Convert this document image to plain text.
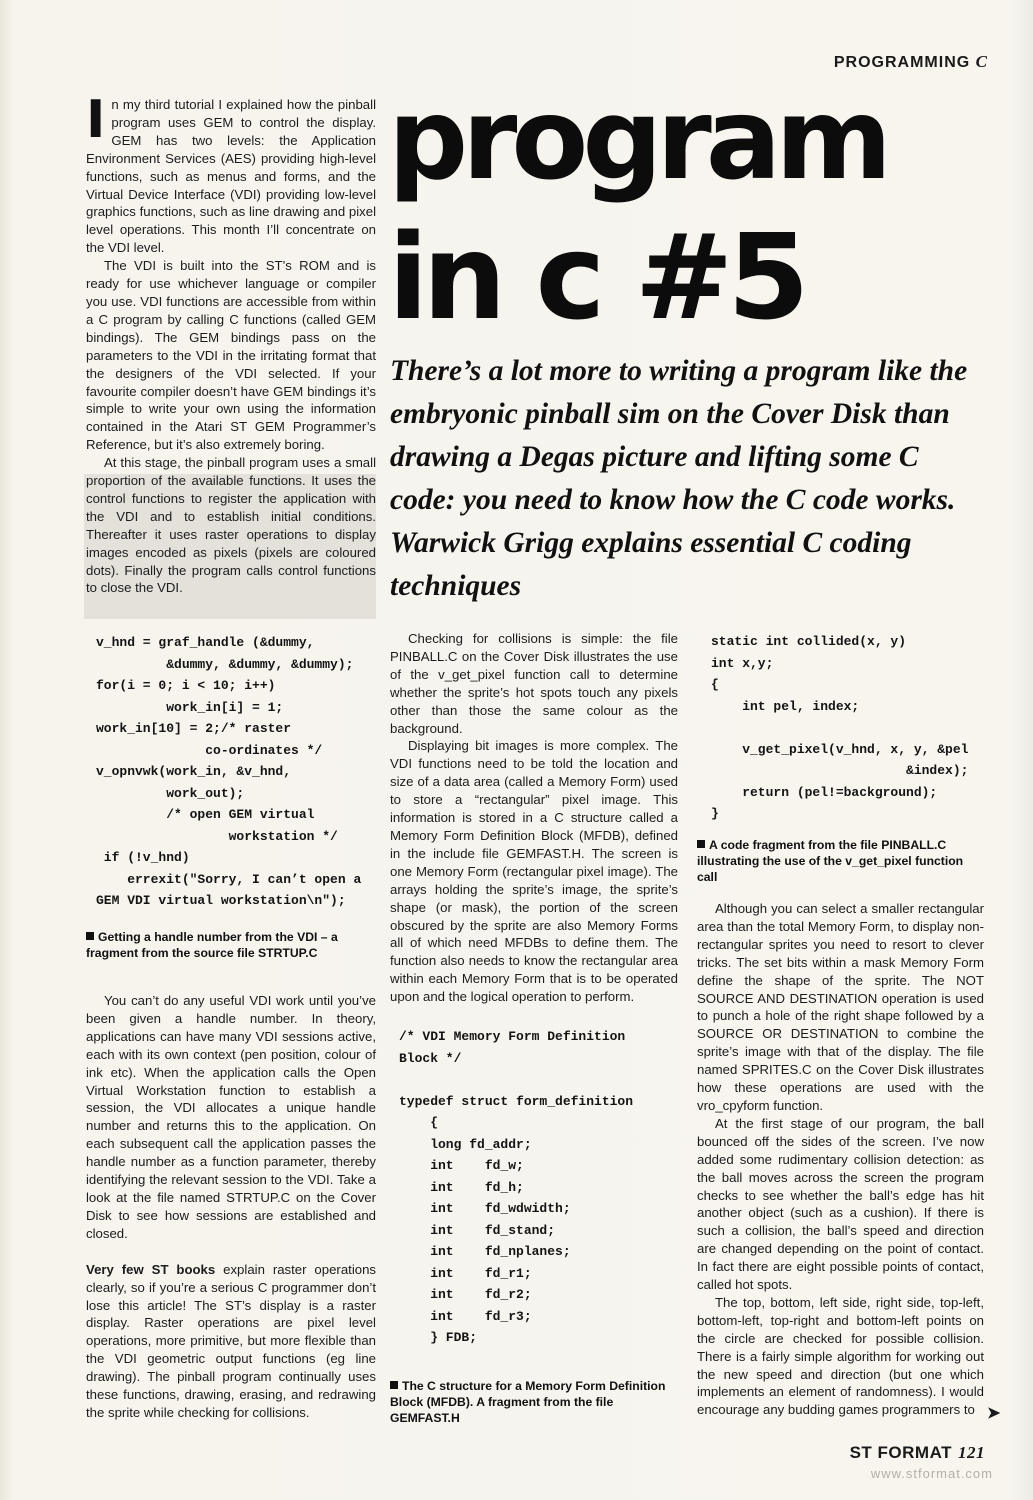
PROGRAMMING C
program
in c #5
There’s a lot more to writing a program like the embryonic pinball sim on the Cover Disk than drawing a Degas picture and lifting some C code: you need to know how the C code works. Warwick Grigg explains essential C coding techniques

In my third tutorial I explained how the pinball program uses GEM to control the display. GEM has two levels: the Application Environment Services (AES) providing high-level functions, such as menus and forms, and the Virtual Device Interface (VDI) providing low-level graphics functions, such as line drawing and pixel level operations. This month I’ll concentrate on the VDI level.

The VDI is built into the ST’s ROM and is ready for use whichever language or compiler you use. VDI functions are accessible from within a C program by calling C functions (called GEM bindings). The GEM bindings pass on the parameters to the VDI in the irritating format that the designers of the VDI selected. If your favourite compiler doesn’t have GEM bindings it’s simple to write your own using the information contained in the Atari ST GEM Programmer’s Reference, but it’s also extremely boring.

At this stage, the pinball program uses a small proportion of the available functions. It uses the control functions to register the application with the VDI and to establish initial conditions. Thereafter it uses raster operations to display images encoded as pixels (pixels are coloured dots). Finally the program calls control functions to close the VDI.

v_hnd = graf_handle (&dummy,
&dummy, &dummy, &dummy);
for(i = 0; i < 10; i++)
work_in[i] = 1;
work_in[10] = 2;/* raster
co-ordinates */
v_opnvwk(work_in, &v_hnd,
work_out);
/* open GEM virtual
workstation */
if (!v_hnd)
errexit("Sorry, I can’t open a
GEM VDI virtual workstation\n");
Getting a handle number from the VDI – a fragment from the source file STRTUP.C

You can’t do any useful VDI work until you’ve been given a handle number. In theory, applications can have many VDI sessions active, each with its own context (pen position, colour of ink etc). When the application calls the Open Virtual Workstation function to establish a session, the VDI allocates a unique handle number and returns this to the application. On each subsequent call the application passes the handle number as a function parameter, thereby identifying the relevant session to the VDI. Take a look at the file named STRTUP.C on the Cover Disk to see how sessions are established and closed.

Very few ST books explain raster operations clearly, so if you’re a serious C programmer don’t lose this article! The ST’s display is a raster display. Raster operations are pixel level operations, more primitive, but more flexible than the VDI geometric output functions (eg line drawing). The pinball program continually uses these functions, drawing, erasing, and redrawing the sprite while checking for collisions.

Checking for collisions is simple: the file PINBALL.C on the Cover Disk illustrates the use of the v_get_pixel function call to determine whether the sprite’s hot spots touch any pixels other than those the same colour as the background.

Displaying bit images is more complex. The VDI functions need to be told the location and size of a data area (called a Memory Form) used to store a “rectangular” pixel image. This information is stored in a C structure called a Memory Form Definition Block (MFDB), defined in the include file GEMFAST.H. The screen is one Memory Form (rectangular pixel image). The arrays holding the sprite’s image, the sprite’s shape (or mask), the portion of the screen obscured by the sprite are also Memory Forms all of which need MFDBs to define them. The function also needs to know the rectangular area within each Memory Form that is to be operated upon and the logical operation to perform.

/* VDI Memory Form Definition
Block */

typedef struct form_definition
{
long fd_addr;
int    fd_w;
int    fd_h;
int    fd_wdwidth;
int    fd_stand;
int    fd_nplanes;
int    fd_r1;
int    fd_r2;
int    fd_r3;
} FDB;
The C structure for a Memory Form Definition Block (MFDB). A fragment from the file GEMFAST.H
static int collided(x, y)
int x,y;
{
int pel, index;

v_get_pixel(v_hnd, x, y, &pel
&index);
return (pel!=background);
}
A code fragment from the file PINBALL.C illustrating the use of the v_get_pixel function call

Although you can select a smaller rectangular area than the total Memory Form, to display non-rectangular sprites you need to resort to clever tricks. The set bits within a mask Memory Form define the shape of the sprite. The NOT SOURCE AND DESTINATION operation is used to punch a hole of the right shape followed by a SOURCE OR DESTINATION to combine the sprite’s image with that of the display. The file named SPRITES.C on the Cover Disk illustrates how these operations are used with the vro_cpyform function.

At the first stage of our program, the ball bounced off the sides of the screen. I’ve now added some rudimentary collision detection: as the ball moves across the screen the program checks to see whether the ball’s edge has hit another object (such as a cushion). If there is such a collision, the ball’s speed and direction are changed depending on the point of contact. In fact there are eight possible points of contact, called hot spots.

The top, bottom, left side, right side, top-left, bottom-left, top-right and bottom-left points on the circle are checked for possible collision. There is a fairly simple algorithm for working out the new speed and direction (but one which implements an element of randomness). I would encourage any budding games programmers to ➤
ST FORMAT 121
www.stformat.com
